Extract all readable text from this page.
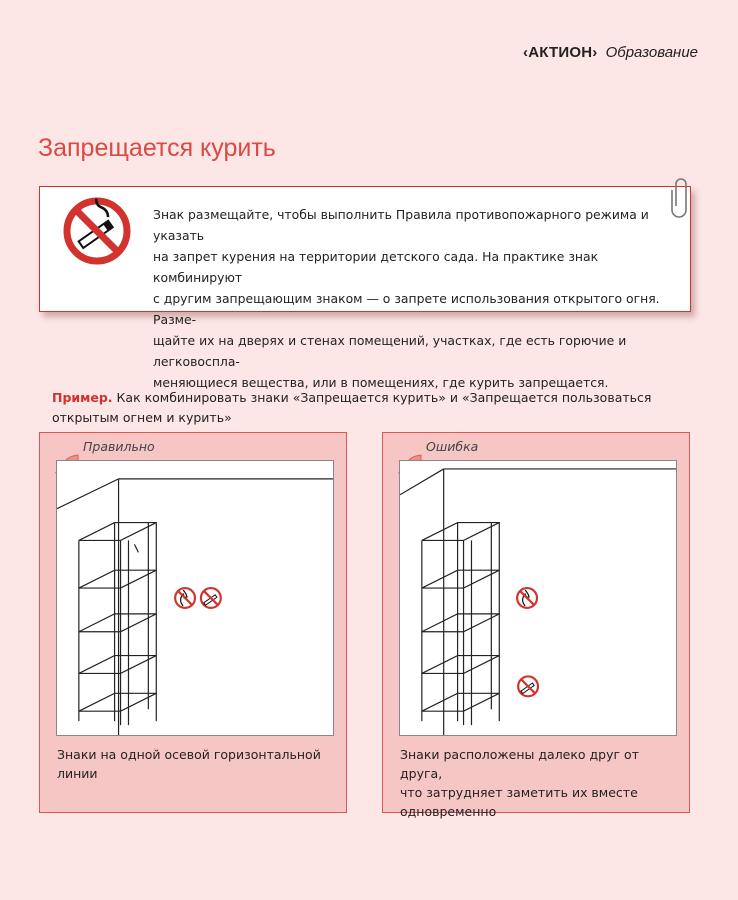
‹АКТИОН› Образование
Запрещается курить
Знак размещайте, чтобы выполнить Правила противопожарного режима и указать
на запрет курения на территории детского сада. На практике знак комбинируют
с другим запрещающим знаком — о запрете использования открытого огня. Разме-
щайте их на дверях и стенах помещений, участках, где есть горючие и легковоспла-
меняющиеся вещества, или в помещениях, где курить запрещается.
Пример. Как комбинировать знаки «Запрещается курить» и «Запрещается пользоваться
открытым огнем и курить»
Правильно
Знаки на одной осевой горизонтальной линии
Ошибка
Знаки расположены далеко друг от друга,
что затрудняет заметить их вместе
одновременно
